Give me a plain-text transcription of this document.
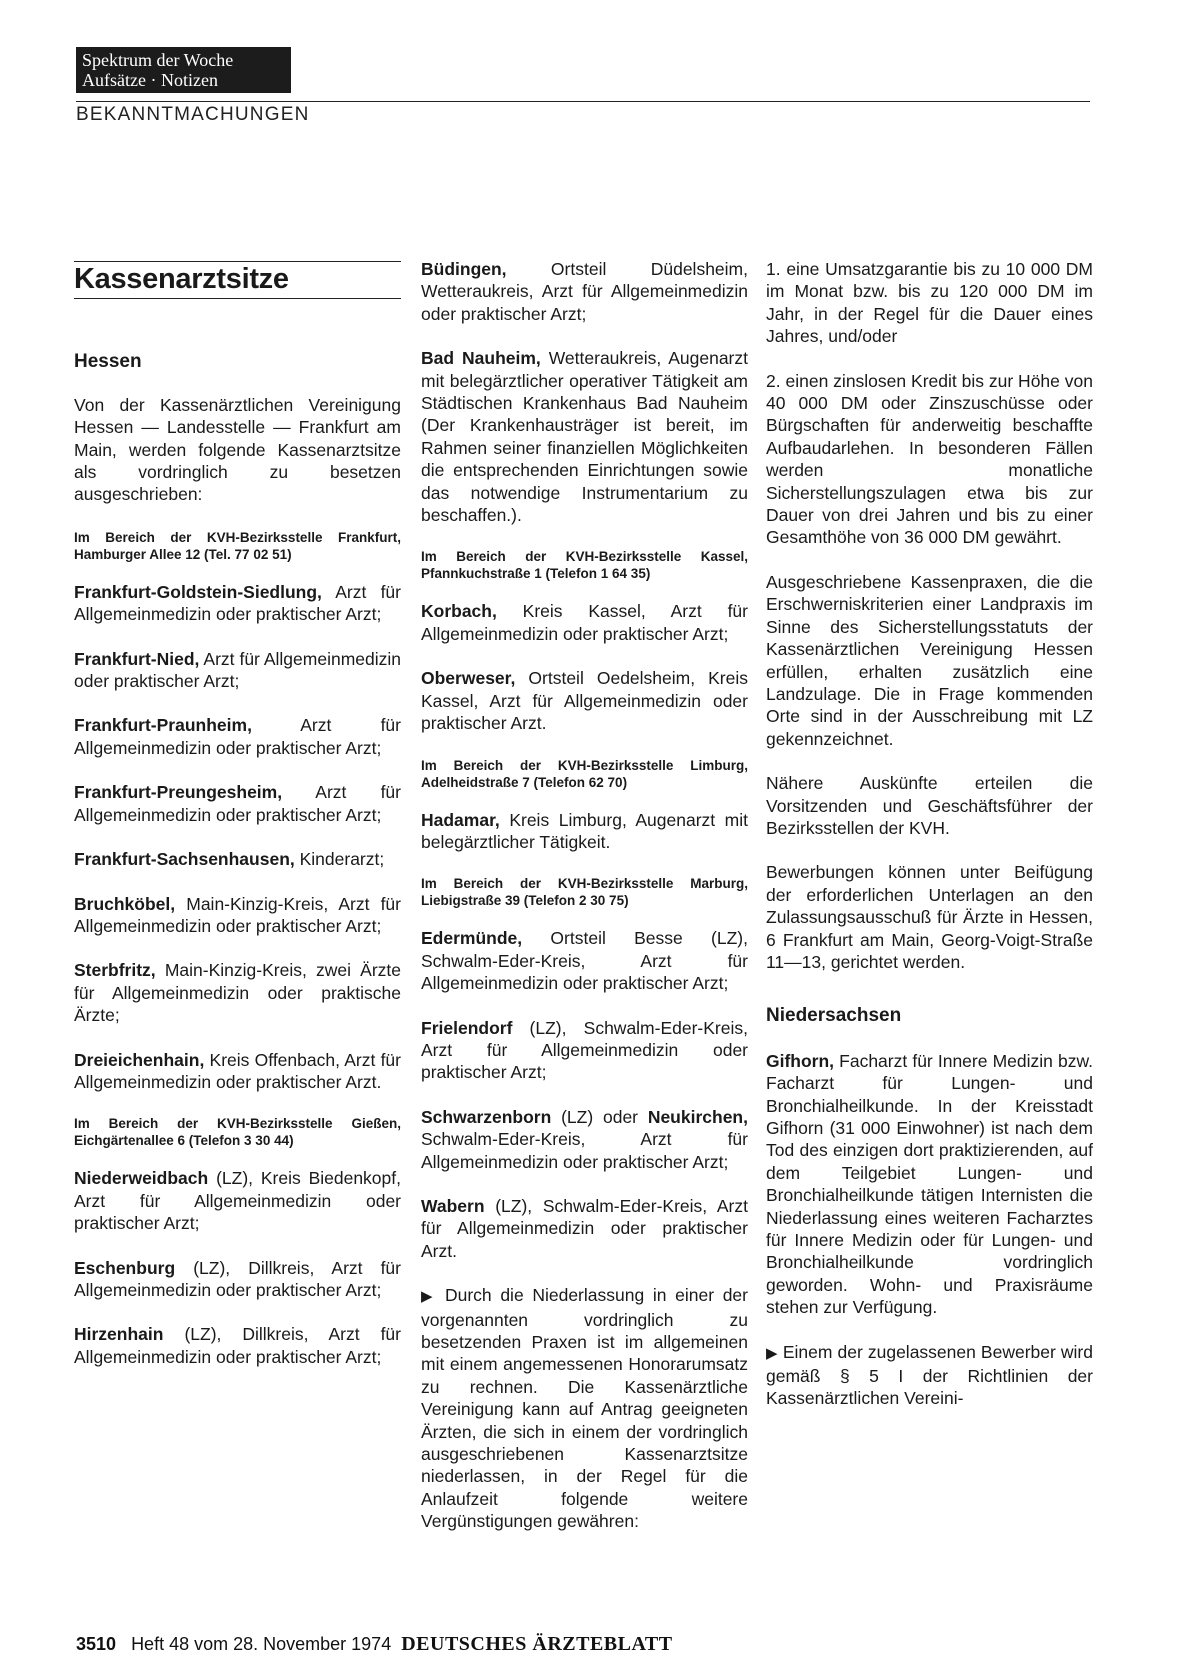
Spektrum der Woche
Aufsätze · Notizen
BEKANNTMACHUNGEN
Kassenarztsitze
Hessen

Von der Kassenärztlichen Vereinigung Hessen — Landesstelle — Frankfurt am Main, werden folgende Kassenarztsitze als vordringlich zu besetzen ausgeschrieben:

Im Bereich der KVH-Bezirksstelle Frankfurt, Hamburger Allee 12 (Tel. 77 02 51)

Frankfurt-Goldstein-Siedlung, Arzt für Allgemeinmedizin oder praktischer Arzt;

Frankfurt-Nied, Arzt für Allgemeinmedizin oder praktischer Arzt;

Frankfurt-Praunheim, Arzt für Allgemeinmedizin oder praktischer Arzt;

Frankfurt-Preungesheim, Arzt für Allgemeinmedizin oder praktischer Arzt;

Frankfurt-Sachsenhausen, Kinderarzt;

Bruchköbel, Main-Kinzig-Kreis, Arzt für Allgemeinmedizin oder praktischer Arzt;

Sterbfritz, Main-Kinzig-Kreis, zwei Ärzte für Allgemeinmedizin oder praktische Ärzte;

Dreieichenhain, Kreis Offenbach, Arzt für Allgemeinmedizin oder praktischer Arzt.

Im Bereich der KVH-Bezirksstelle Gießen, Eichgärtenallee 6 (Telefon 3 30 44)

Niederweidbach (LZ), Kreis Biedenkopf, Arzt für Allgemeinmedizin oder praktischer Arzt;

Eschenburg (LZ), Dillkreis, Arzt für Allgemeinmedizin oder praktischer Arzt;

Hirzenhain (LZ), Dillkreis, Arzt für Allgemeinmedizin oder praktischer Arzt;

Büdingen, Ortsteil Düdelsheim, Wetteraukreis, Arzt für Allgemeinmedizin oder praktischer Arzt;

Bad Nauheim, Wetteraukreis, Augenarzt mit belegärztlicher operativer Tätigkeit am Städtischen Krankenhaus Bad Nauheim (Der Krankenhausträger ist bereit, im Rahmen seiner finanziellen Möglichkeiten die entsprechenden Einrichtungen sowie das notwendige Instrumentarium zu beschaffen.).

Im Bereich der KVH-Bezirksstelle Kassel, Pfannkuchstraße 1 (Telefon 1 64 35)

Korbach, Kreis Kassel, Arzt für Allgemeinmedizin oder praktischer Arzt;

Oberweser, Ortsteil Oedelsheim, Kreis Kassel, Arzt für Allgemeinmedizin oder praktischer Arzt.

Im Bereich der KVH-Bezirksstelle Limburg, Adelheidstraße 7 (Telefon 62 70)

Hadamar, Kreis Limburg, Augenarzt mit belegärztlicher Tätigkeit.

Im Bereich der KVH-Bezirksstelle Marburg, Liebigstraße 39 (Telefon 2 30 75)

Edermünde, Ortsteil Besse (LZ), Schwalm-Eder-Kreis, Arzt für Allgemeinmedizin oder praktischer Arzt;

Frielendorf (LZ), Schwalm-Eder-Kreis, Arzt für Allgemeinmedizin oder praktischer Arzt;

Schwarzenborn (LZ) oder Neukirchen, Schwalm-Eder-Kreis, Arzt für Allgemeinmedizin oder praktischer Arzt;

Wabern (LZ), Schwalm-Eder-Kreis, Arzt für Allgemeinmedizin oder praktischer Arzt.

▶ Durch die Niederlassung in einer der vorgenannten vordringlich zu besetzenden Praxen ist im allgemeinen mit einem angemessenen Honorarumsatz zu rechnen. Die Kassenärztliche Vereinigung kann auf Antrag geeigneten Ärzten, die sich in einem der vordringlich ausgeschriebenen Kassenarztsitze niederlassen, in der Regel für die Anlaufzeit folgende weitere Vergünstigungen gewähren:

1. eine Umsatzgarantie bis zu 10 000 DM im Monat bzw. bis zu 120 000 DM im Jahr, in der Regel für die Dauer eines Jahres, und/oder

2. einen zinslosen Kredit bis zur Höhe von 40 000 DM oder Zinszuschüsse oder Bürgschaften für anderweitig beschaffte Aufbaudarlehen. In besonderen Fällen werden monatliche Sicherstellungszulagen etwa bis zur Dauer von drei Jahren und bis zu einer Gesamthöhe von 36 000 DM gewährt.

Ausgeschriebene Kassenpraxen, die die Erschwerniskriterien einer Landpraxis im Sinne des Sicherstellungsstatuts der Kassenärztlichen Vereinigung Hessen erfüllen, erhalten zusätzlich eine Landzulage. Die in Frage kommenden Orte sind in der Ausschreibung mit LZ gekennzeichnet.

Nähere Auskünfte erteilen die Vorsitzenden und Geschäftsführer der Bezirksstellen der KVH.

Bewerbungen können unter Beifügung der erforderlichen Unterlagen an den Zulassungsausschuß für Ärzte in Hessen, 6 Frankfurt am Main, Georg-Voigt-Straße 11—13, gerichtet werden.

Niedersachsen

Gifhorn, Facharzt für Innere Medizin bzw. Facharzt für Lungen- und Bronchialheilkunde. In der Kreisstadt Gifhorn (31 000 Einwohner) ist nach dem Tod des einzigen dort praktizierenden, auf dem Teilgebiet Lungen- und Bronchialheilkunde tätigen Internisten die Niederlassung eines weiteren Facharztes für Innere Medizin oder für Lungen- und Bronchialheilkunde vordringlich geworden. Wohn- und Praxisräume stehen zur Verfügung.

▶ Einem der zugelassenen Bewerber wird gemäß § 5 I der Richtlinien der Kassenärztlichen Vereini-

3510 Heft 48 vom 28. November 1974 DEUTSCHES ÄRZTEBLATT
